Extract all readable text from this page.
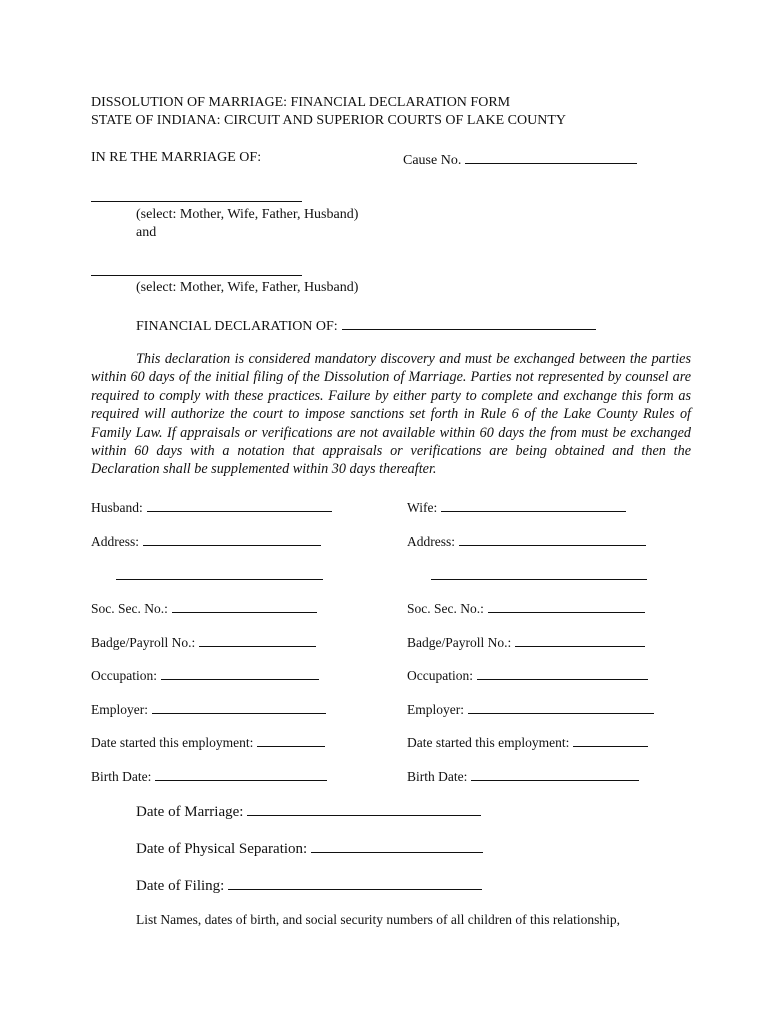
DISSOLUTION OF MARRIAGE: FINANCIAL DECLARATION FORM
STATE OF INDIANA: CIRCUIT AND SUPERIOR COURTS OF LAKE COUNTY
IN RE THE MARRIAGE OF:	Cause No.
(select: Mother, Wife, Father, Husband)
and
(select: Mother, Wife, Father, Husband)
FINANCIAL DECLARATION OF:
This declaration is considered mandatory discovery and must be exchanged between the parties within 60 days of the initial filing of the Dissolution of Marriage. Parties not represented by counsel are required to comply with these practices. Failure by either party to complete and exchange this form as required will authorize the court to impose sanctions set forth in Rule 6 of the Lake County Rules of Family Law. If appraisals or verifications are not available within 60 days the from must be exchanged within 60 days with a notation that appraisals or verifications are being obtained and then the Declaration shall be supplemented within 30 days thereafter.
Husband:
Address:
Soc. Sec. No.:
Badge/Payroll No.:
Occupation:
Employer:
Date started this employment:
Birth Date:
Wife:
Address:
Soc. Sec. No.:
Badge/Payroll No.:
Occupation:
Employer:
Date started this employment:
Birth Date:
Date of Marriage:
Date of Physical Separation:
Date of Filing:
List Names, dates of birth, and social security numbers of all children of this relationship,
